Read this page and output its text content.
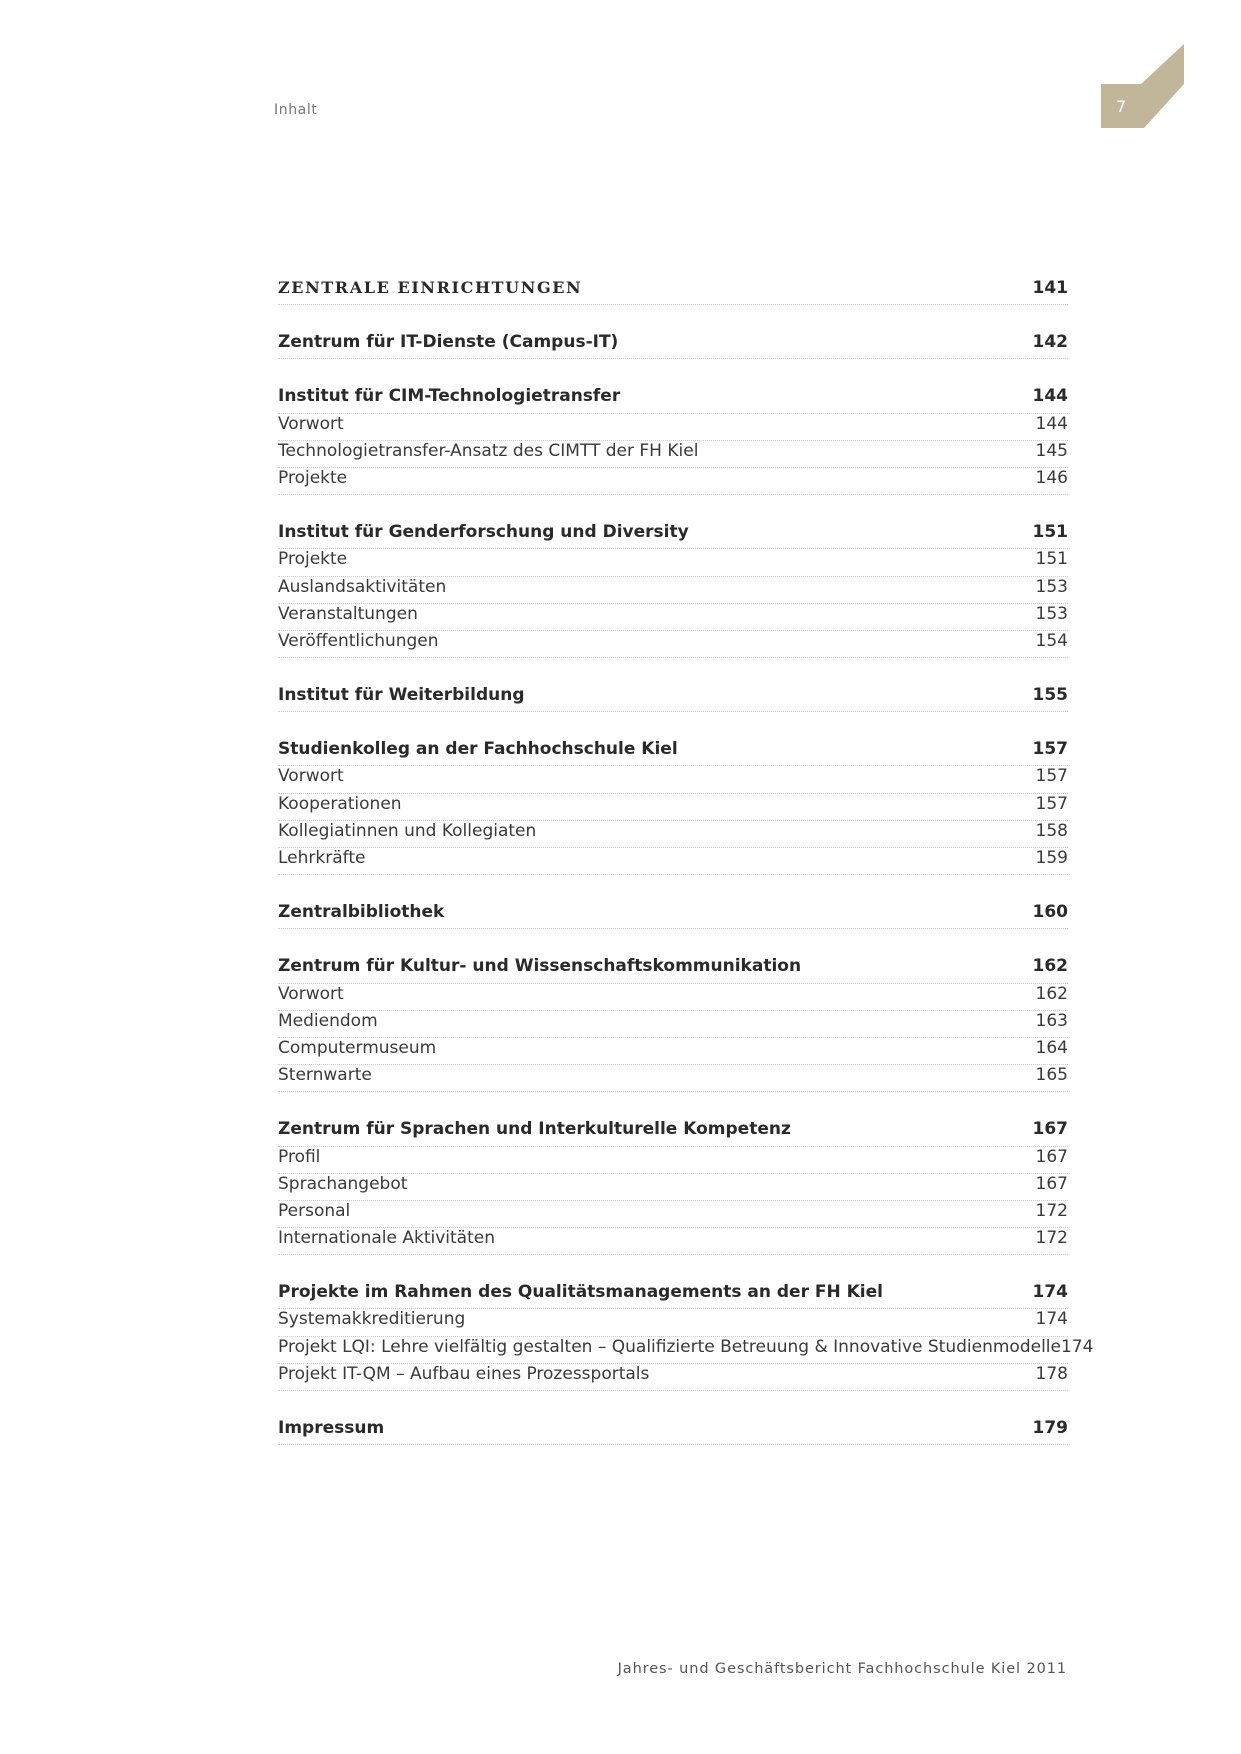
Inhalt	7
ZENTRALE EINRICHTUNGEN	141
Zentrum für IT-Dienste (Campus-IT)	142
Institut für CIM-Technologietransfer	144
Vorwort	144
Technologietransfer-Ansatz des CIMTT der FH Kiel	145
Projekte	146
Institut für Genderforschung und Diversity	151
Projekte	151
Auslandsaktivitäten	153
Veranstaltungen	153
Veröffentlichungen	154
Institut für Weiterbildung	155
Studienkolleg an der Fachhochschule Kiel	157
Vorwort	157
Kooperationen	157
Kollegiatinnen und Kollegiaten	158
Lehrkräfte	159
Zentralbibliothek	160
Zentrum für Kultur- und Wissenschaftskommunikation	162
Vorwort	162
Mediendom	163
Computermuseum	164
Sternwarte	165
Zentrum für Sprachen und Interkulturelle Kompetenz	167
Profil	167
Sprachangebot	167
Personal	172
Internationale Aktivitäten	172
Projekte im Rahmen des Qualitätsmanagements an der FH Kiel	174
Systemakkreditierung	174
Projekt LQI: Lehre vielfältig gestalten – Qualifizierte Betreuung & Innovative Studienmodelle 174
Projekt IT-QM – Aufbau eines Prozessportals	178
Impressum	179
Jahres- und Geschäftsbericht Fachhochschule Kiel 2011
